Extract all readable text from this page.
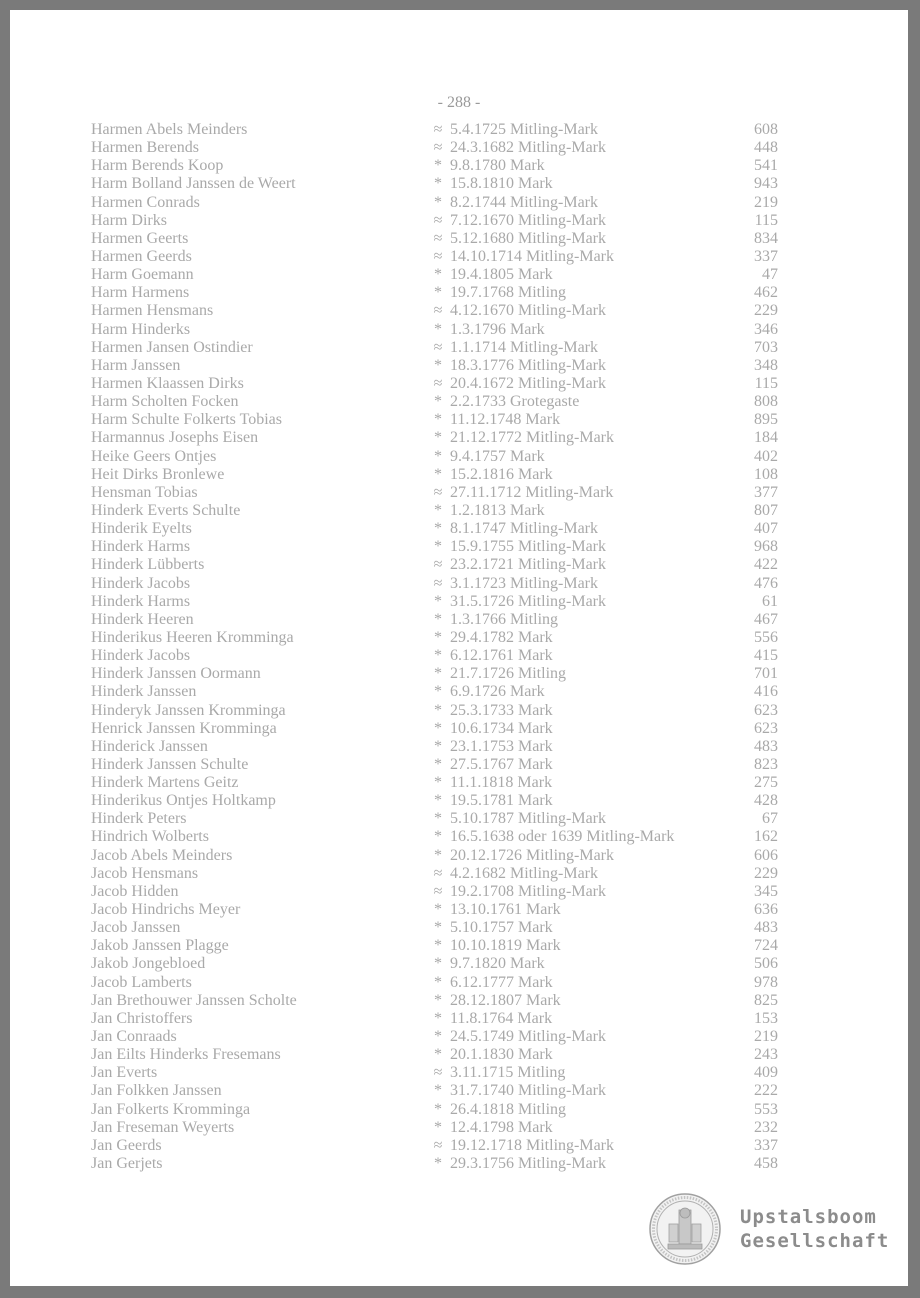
- 288 -
Harmen Abels Meinders	≈ 5.4.1725 Mitling-Mark	608
Harmen Berends	≈ 24.3.1682 Mitling-Mark	448
Harm Berends Koop	* 9.8.1780 Mark	541
Harm Bolland Janssen de Weert	* 15.8.1810 Mark	943
Harmen Conrads	* 8.2.1744 Mitling-Mark	219
Harm Dirks	≈ 7.12.1670 Mitling-Mark	115
Harmen Geerts	≈ 5.12.1680 Mitling-Mark	834
Harmen Geerds	≈ 14.10.1714 Mitling-Mark	337
Harm Goemann	* 19.4.1805 Mark	47
Harm Harmens	* 19.7.1768 Mitling	462
Harmen Hensmans	≈ 4.12.1670 Mitling-Mark	229
Harm Hinderks	* 1.3.1796 Mark	346
Harmen Jansen Ostindier	≈ 1.1.1714 Mitling-Mark	703
Harm Janssen	* 18.3.1776 Mitling-Mark	348
Harmen Klaassen Dirks	≈ 20.4.1672 Mitling-Mark	115
Harm Scholten Focken	* 2.2.1733 Grotegaste	808
Harm Schulte Folkerts Tobias	* 11.12.1748 Mark	895
Harmannus Josephs Eisen	* 21.12.1772 Mitling-Mark	184
Heike Geers Ontjes	* 9.4.1757 Mark	402
Heit Dirks Bronlewe	* 15.2.1816 Mark	108
Hensman Tobias	≈ 27.11.1712 Mitling-Mark	377
Hinderk Everts Schulte	* 1.2.1813 Mark	807
Hinderik Eyelts	* 8.1.1747 Mitling-Mark	407
Hinderk Harms	* 15.9.1755 Mitling-Mark	968
Hinderk Lübberts	≈ 23.2.1721 Mitling-Mark	422
Hinderk Jacobs	≈ 3.1.1723 Mitling-Mark	476
Hinderk Harms	* 31.5.1726 Mitling-Mark	61
Hinderk Heeren	* 1.3.1766 Mitling	467
Hinderikus Heeren Kromminga	* 29.4.1782 Mark	556
Hinderk Jacobs	* 6.12.1761 Mark	415
Hinderk Janssen Oormann	* 21.7.1726 Mitling	701
Hinderk Janssen	* 6.9.1726 Mark	416
Hinderyk Janssen Kromminga	* 25.3.1733 Mark	623
Henrick Janssen Kromminga	* 10.6.1734 Mark	623
Hinderick Janssen	* 23.1.1753 Mark	483
Hinderk Janssen Schulte	* 27.5.1767 Mark	823
Hinderk Martens Geitz	* 11.1.1818 Mark	275
Hinderikus Ontjes Holtkamp	* 19.5.1781 Mark	428
Hinderk Peters	* 5.10.1787 Mitling-Mark	67
Hindrich Wolberts	* 16.5.1638 oder 1639 Mitling-Mark	162
Jacob Abels Meinders	* 20.12.1726 Mitling-Mark	606
Jacob Hensmans	≈ 4.2.1682 Mitling-Mark	229
Jacob Hidden	≈ 19.2.1708 Mitling-Mark	345
Jacob Hindrichs Meyer	* 13.10.1761 Mark	636
Jacob Janssen	* 5.10.1757 Mark	483
Jakob Janssen Plagge	* 10.10.1819 Mark	724
Jakob Jongebloed	* 9.7.1820 Mark	506
Jacob Lamberts	* 6.12.1777 Mark	978
Jan Brethouwer Janssen Scholte	* 28.12.1807 Mark	825
Jan Christoffers	* 11.8.1764 Mark	153
Jan Conraads	* 24.5.1749 Mitling-Mark	219
Jan Eilts Hinderks Fresemans	* 20.1.1830 Mark	243
Jan Everts	≈ 3.11.1715 Mitling	409
Jan Folkken Janssen	* 31.7.1740 Mitling-Mark	222
Jan Folkerts Kromminga	* 26.4.1818 Mitling	553
Jan Freseman Weyerts	* 12.4.1798 Mark	232
Jan Geerds	≈ 19.12.1718 Mitling-Mark	337
Jan Gerjets	* 29.3.1756 Mitling-Mark	458
Upstalsboom
Gesellschaft
